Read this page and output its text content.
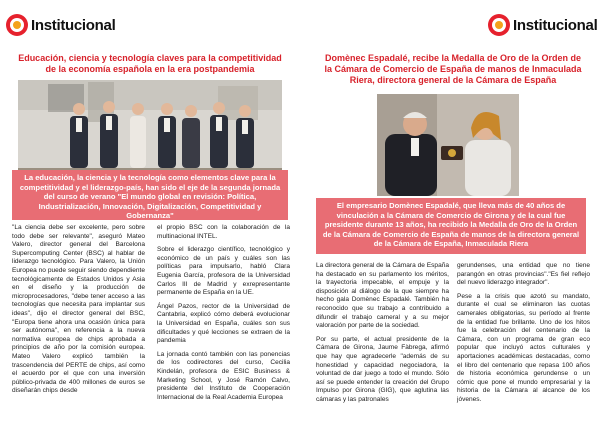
Institucional
Educación, ciencia y tecnología claves para la competitividad de la economía española en la era postpandemia
La educación, la ciencia y la tecnología como elementos clave para la competitividad y el liderazgo-país, han sido el eje de la segunda jornada del curso de verano "El mundo global en revisión: Política, Industrialización, Innovación, Digitalización, Competitividad y Gobernanza"

"La ciencia debe ser excelente, pero sobre todo debe ser relevante", aseguró Mateo Valero, director general del Barcelona Supercomputing Center (BSC) al hablar de liderazgo tecnológico. Para Valero, la Unión Europea no puede seguir siendo dependiente tecnológicamente de Estados Unidos y Asia en el diseño y la producción de microprocesadores, "debe tener acceso a las tecnologías que necesita para implantar sus ideas", dijo el director general del BSC, "Europa tiene ahora una ocasión única para ser autónoma", en referencia a la nueva normativa europea de chips aprobada a principios de año por la comisión europea. Mateo Valero explicó también la trascendencia del PERTE de chips, así como el acuerdo por el que con una inversión público-privada de 400 millones de euros se diseñarán chips desde

el propio BSC con la colaboración de la multinacional INTEL.

Sobre el liderazgo científico, tecnológico y económico de un país y cuáles son las políticas para impulsarlo, habló Clara Eugenia García, profesora de la Universidad Carlos III de Madrid y exrepresentante permanente de España en la UE.

Ángel Pazos, rector de la Universidad de Cantabria, explicó cómo deberá evolucionar la Universidad en España, cuáles son sus dificultades y qué lecciones se extraen de la pandemia

La jornada contó también con las ponencias de los codirectores del curso, Cecilia Kindelán, profesora de ESIC Business & Marketing School, y José Ramón Calvo, presidente del Instituto de Cooperación Internacional de la Real Academia Europea

Institucional
Domènec Espadalé, recibe la Medalla de Oro de la Orden de la Cámara de Comercio de España de manos de Inmaculada Riera, directora general de la Cámara de España
El empresario Domènec Espadalé, que lleva más de 40 años de vinculación a la Cámara de Comercio de Girona y de la cual fue presidente durante 13 años, ha recibido la Medalla de Oro de la Orden de la Cámara de Comercio de España de manos de la directora general de la Cámara de España, Inmaculada Riera

La directora general de la Cámara de España ha destacado en su parlamento los méritos, la trayectoria impecable, el empuje y la disposición al diálogo de la que siempre ha hecho gala Domènec Espadalé. También ha reconocido que su trabajo a contribuido a difundir el trabajo cameral y a su mejor valoración por parte de la sociedad.

Por su parte, el actual presidente de la Cámara de Girona, Jaume Fàbrega, afirmó que hay que agradecerle "además de su honestidad y capacidad negociadora, la voluntad de dar juego a todo el mundo. Sólo así se puede entender la creación del Grupo Impulso por Girona (GIG), que aglutina las cámaras y las patronales

gerundenses, una entidad que no tiene parangón en otras provincias"."Es fiel reflejo del nuevo liderazgo integrador".

Pese a la crisis que azotó su mandato, durante el cual se eliminaron las cuotas camerales obligatorias, su período al frente de la entidad fue brillante. Uno de los hitos fue la celebración del centenario de la Cámara, con un programa de gran eco popular que incluyó actos culturales y aportaciones académicas destacadas, como el libro del centenario que repasa 100 años de historia económica gerundense o un cómic que pone el mundo empresarial y la historia de la Cámara al alcance de los jóvenes.
